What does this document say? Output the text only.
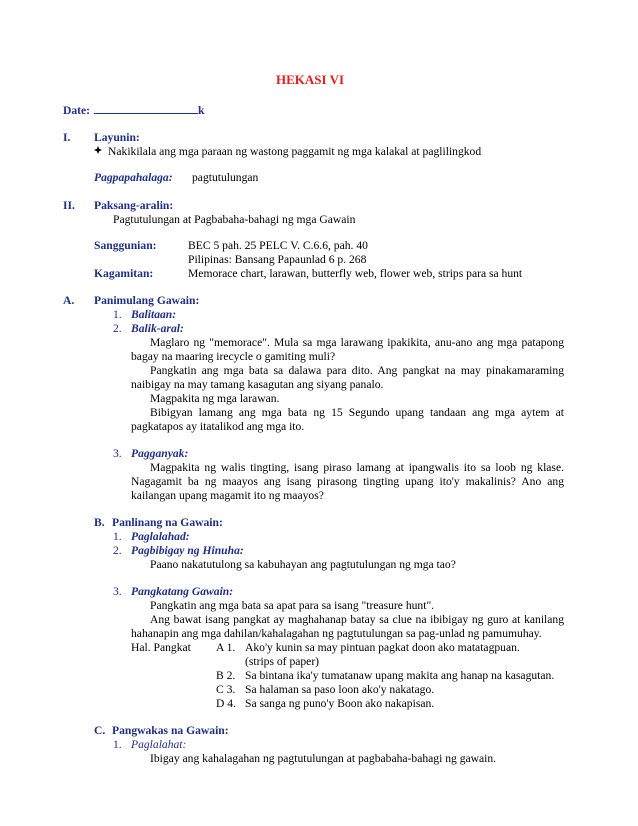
HEKASI VI
Date:	k
I. Layunin:
Nakikilala ang mga paraan ng wastong paggamit ng mga kalakal at paglilingkod
Pagpapahalaga: pagtutulungan
II. Paksang-aralin:
Pagtutulungan at Pagbabaha-bahagi ng mga Gawain
Sanggunian:	BEC 5 pah. 25 PELC V. C.6.6, pah. 40
Pilipinas: Bansang Papaunlad 6 p. 268
Kagamitan:	Memorace chart, larawan, butterfly web, flower web, strips para sa hunt
A. Panimulang Gawain:
1. Balitaan:
2. Balik-aral:
Maglaro ng "memorace". Mula sa mga larawang ipakikita, anu-ano ang mga patapong
bagay na maaring irecycle o gamiting muli?
Pangkatin ang mga bata sa dalawa para dito. Ang pangkat na may pinakamaraming
naibigay na may tamang kasagutan ang siyang panalo.
Magpakita ng mga larawan.
Bibigyan lamang ang mga bata ng 15 Segundo upang tandaan ang mga aytem at
pagkatapos ay itatalikod ang mga ito.
3. Pagganyak:
Magpakita ng walis tingting, isang piraso lamang at ipangwalis ito sa loob ng klase.
Nagagamit ba ng maayos ang isang pirasong tingting upang ito'y makalinis? Ano ang
kailangan upang magamit ito ng maayos?
B. Panlinang na Gawain:
1. Paglalahad:
2. Pagbibigay ng Hinuha:
Paano nakatutulong sa kabuhayan ang pagtutulungan ng mga tao?
3. Pangkatang Gawain:
Pangkatin ang mga bata sa apat para sa isang "treasure hunt".
Ang bawat isang pangkat ay maghahanap batay sa clue na ibibigay ng guro at kanilang
hahanapin ang mga dahilan/kahalagahan ng pagtutulungan sa pag-unlad ng pamumuhay.
Hal. Pangkat A 1. Ako'y kunin sa may pintuan pagkat doon ako matatagpuan.
(strips of paper)
B 2. Sa bintana ika'y tumatanaw upang makita ang hanap na kasagutan.
C 3. Sa halaman sa paso loon ako'y nakatago.
D 4. Sa sanga ng puno'y Boon ako nakapisan.
C. Pangwakas na Gawain:
1. Paglalahat:
Ibigay ang kahalagahan ng pagtutulungan at pagbabaha-bahagi ng gawain.
